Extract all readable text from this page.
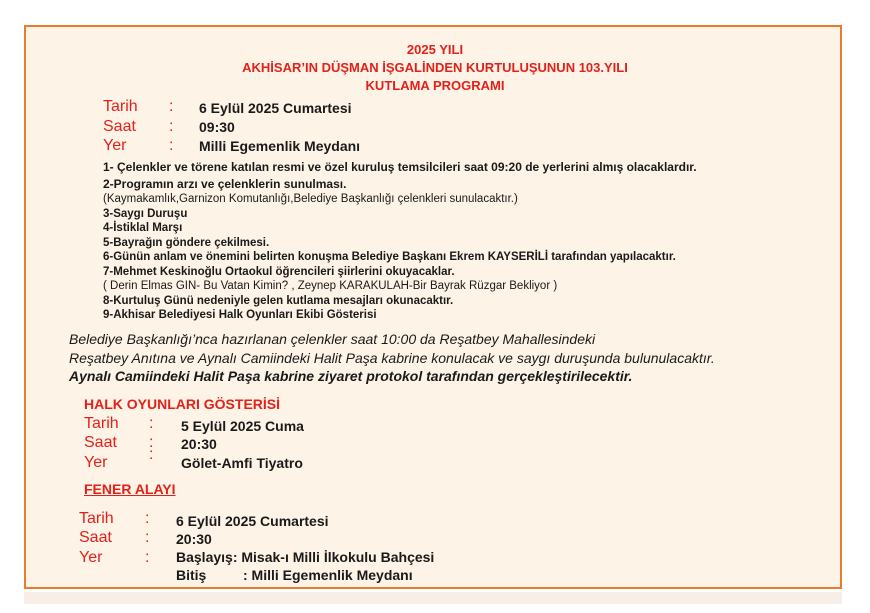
2025 YILI
AKHİSAR’IN DÜŞMAN İŞGALİNDEN KURTULUŞUNUN 103.YILI
KUTLAMA PROGRAMI
Tarih : 6 Eylül 2025 Cumartesi
Saat : 09:30
Yer	: Milli Egemenlik Meydanı
1- Çelenkler ve törene katılan resmi ve özel kuruluş temsilcileri saat 09:20 de yerlerini almış olacaklardır.
2-Programın arzı ve çelenklerin sunulması.
(Kaymakamlık,Garnizon Komutanlığı,Belediye Başkanlığı çelenkleri sunulacaktır.)
3-Saygı Duruşu
4-İstiklal Marşı
5-Bayrağın göndere çekilmesi.
6-Günün anlam ve önemini belirten konuşma Belediye Başkanı Ekrem KAYSERİLİ tarafından yapılacaktır.
7-Mehmet Keskinoğlu Ortaokul öğrencileri şiirlerini okuyacaklar.
( Derin Elmas GIN- Bu Vatan Kimin? , Zeynep KARAKULAH-Bir Bayrak Rüzgar Bekliyor )
8-Kurtuluş Günü nedeniyle gelen kutlama mesajları okunacaktır.
9-Akhisar Belediyesi Halk Oyunları Ekibi Gösterisi
Belediye Başkanlığı’nca hazırlanan çelenkler saat 10:00 da Reşatbey Mahallesindeki
Reşatbey Anıtına ve Aynalı Camiindeki Halit Paşa kabrine konulacak ve saygı duruşunda bulunulacaktır.
Aynalı Camiindeki Halit Paşa kabrine ziyaret protokol tarafından gerçekleştirilecektir.
HALK OYUNLARI GÖSTERİSİ
Tarih : 5 Eylül 2025 Cuma
Saat : 20:30
Yer	: Gölet-Amfi Tiyatro
FENER ALAYI
Tarih : 6 Eylül 2025 Cumartesi
Saat : 20:30
Yer	: Başlayış: Misak-ı Milli İlkokulu Bahçesi
Bitiş	: Milli Egemenlik Meydanı
